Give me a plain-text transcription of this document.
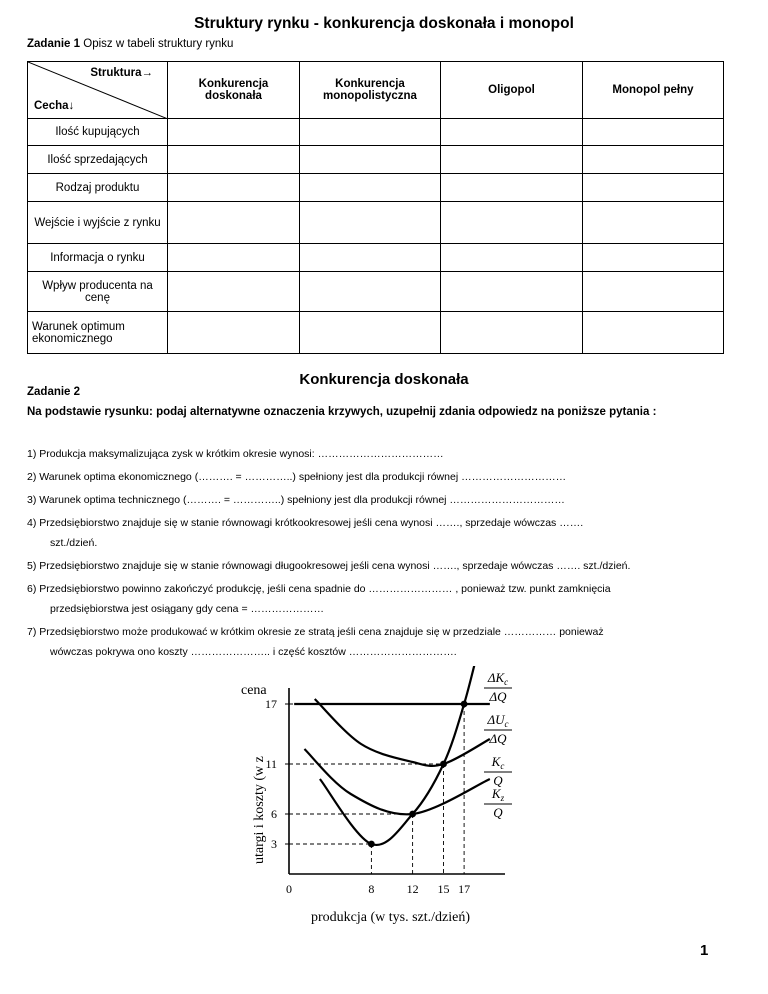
Struktury rynku - konkurencja doskonała i monopol
Zadanie 1 Opisz w tabeli struktury rynku
Struktura→
Cecha↓	Konkurencja doskonała	Konkurencja monopolistyczna	Oligopol	Monopol pełny
Ilość kupujących				
Ilość sprzedających				
Rodzaj produktu				
Wejście i wyjście z rynku				
Informacja o rynku				
Wpływ producenta na cenę				
Warunek optimum ekonomicznego				
Konkurencja doskonała
Zadanie 2
Na podstawie rysunku: podaj alternatywne oznaczenia krzywych, uzupełnij zdania odpowiedz na poniższe pytania :
1) Produkcja maksymalizująca zysk w krótkim okresie wynosi: ………………………………
2) Warunek optima ekonomicznego (………. = …………..) spełniony jest dla produkcji równej …………………………
3) Warunek optima technicznego (………. = …………..) spełniony jest dla produkcji równej ……………………………
4) Przedsiębiorstwo znajduje się w stanie równowagi krótkookresowej jeśli cena wynosi ……., sprzedaje wówczas …….
szt./dzień.
5) Przedsiębiorstwo znajduje się w stanie równowagi długookresowej jeśli cena wynosi ……., sprzedaje wówczas ……. szt./dzień.
6) Przedsiębiorstwo powinno zakończyć produkcję, jeśli cena spadnie do …………………… , ponieważ tzw. punkt zamknięcia
przedsiębiorstwa jest osiągany gdy cena = …………………
7) Przedsiębiorstwo może produkować w krótkim okresie ze stratą jeśli cena znajduje się w przedziale …………… ponieważ
wówczas pokrywa ono koszty ………………….. i część kosztów ………………………….
cena
produkcja (w tys. szt./dzień)
utargi i koszty (w z 3
6
11
17
0	8	12 15 17
$\Delta K_c$
ΔQ
$\Delta U_c$
ΔQ
$K_c$
Q
$K_z$
Q
1
